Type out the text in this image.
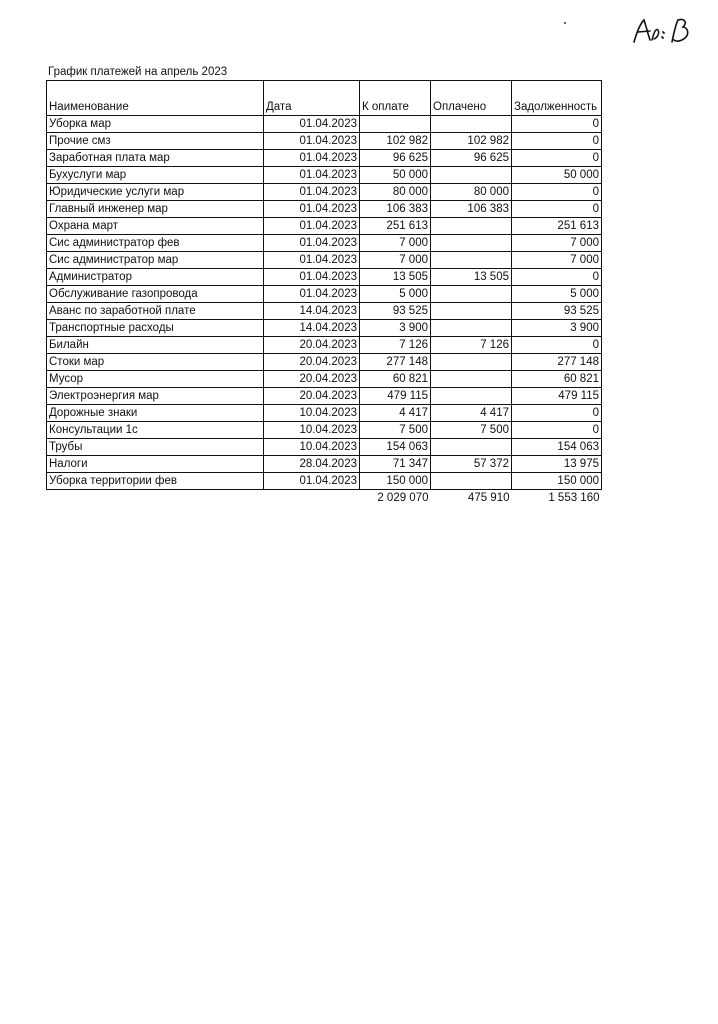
График платежей на апрель 2023
Наименование	Дата	К оплате	Оплачено	Задолженность
Уборка мар	01.04.2023			0
Прочие смз	01.04.2023	102 982	102 982	0
Заработная плата мар	01.04.2023	96 625	96 625	0
Бухуслуги мар	01.04.2023	50 000		50 000
Юридические услуги мар	01.04.2023	80 000	80 000	0
Главный инженер мар	01.04.2023	106 383	106 383	0
Охрана март	01.04.2023	251 613		251 613
Сис администратор фев	01.04.2023	7 000		7 000
Сис администратор мар	01.04.2023	7 000		7 000
Администратор	01.04.2023	13 505	13 505	0
Обслуживание газопровода	01.04.2023	5 000		5 000
Аванс по заработной плате	14.04.2023	93 525		93 525
Транспортные расходы	14.04.2023	3 900		3 900
Билайн	20.04.2023	7 126	7 126	0
Стоки мар	20.04.2023	277 148		277 148
Мусор	20.04.2023	60 821		60 821
Электроэнергия мар	20.04.2023	479 115		479 115
Дорожные знаки	10.04.2023	4 417	4 417	0
Консультации 1с	10.04.2023	7 500	7 500	0
Трубы	10.04.2023	154 063		154 063
Налоги	28.04.2023	71 347	57 372	13 975
Уборка территории фев	01.04.2023	150 000		150 000
		2 029 070	475 910	1 553 160
